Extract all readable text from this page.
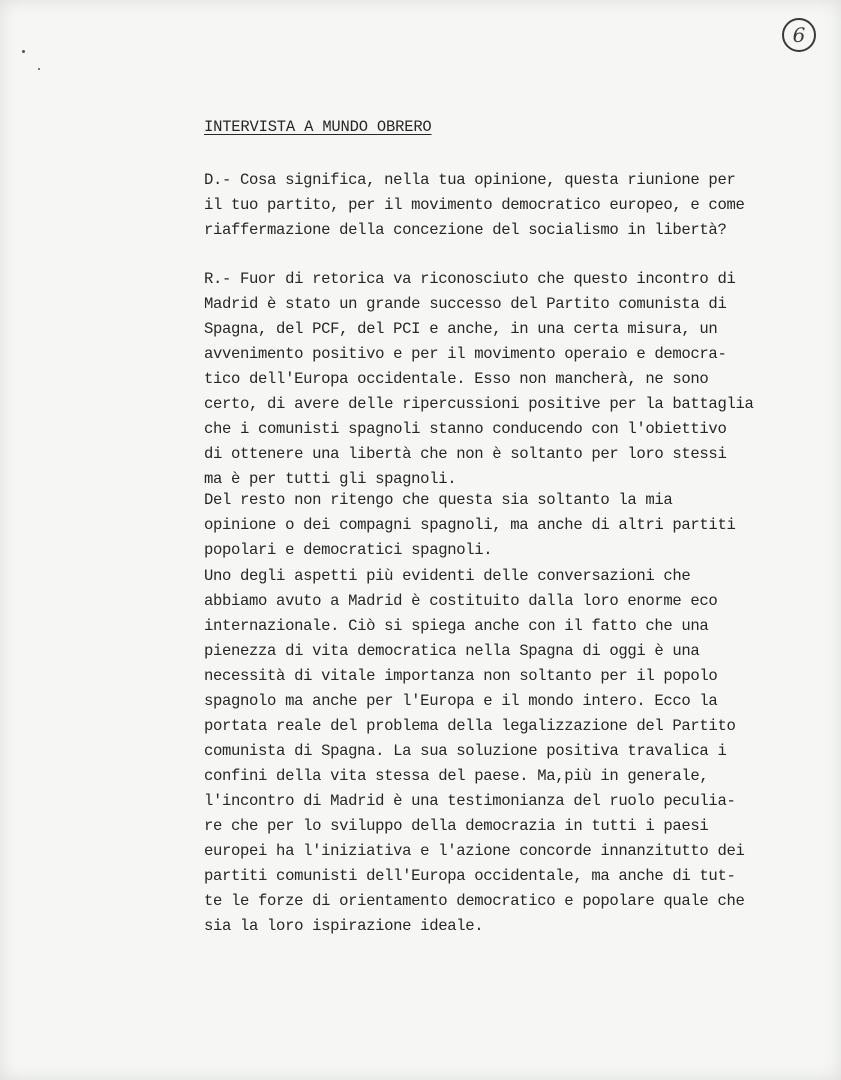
6
INTERVISTA A MUNDO OBRERO

D.- Cosa significa, nella tua opinione, questa riunione per
il tuo partito, per il movimento democratico europeo, e come
riaffermazione della concezione del socialismo in libertà?

R.- Fuor di retorica va riconosciuto che questo incontro di
Madrid è stato un grande successo del Partito comunista di
Spagna, del PCF, del PCI e anche, in una certa misura, un
avvenimento positivo e per il movimento operaio e democra-
tico dell'Europa occidentale. Esso non mancherà, ne sono
certo, di avere delle ripercussioni positive per la battaglia
che i comunisti spagnoli stanno conducendo con l'obiettivo
di ottenere una libertà che non è soltanto per loro stessi
ma è per tutti gli spagnoli.

Del resto non ritengo che questa sia soltanto la mia
opinione o dei compagni spagnoli, ma anche di altri partiti
popolari e democratici spagnoli.

Uno degli aspetti più evidenti delle conversazioni che
abbiamo avuto a Madrid è costituito dalla loro enorme eco
internazionale. Ciò si spiega anche con il fatto che una
pienezza di vita democratica nella Spagna di oggi è una
necessità di vitale importanza non soltanto per il popolo
spagnolo ma anche per l'Europa e il mondo intero. Ecco la
portata reale del problema della legalizzazione del Partito
comunista di Spagna. La sua soluzione positiva travalica i
confini della vita stessa del paese. Ma,più in generale,
l'incontro di Madrid è una testimonianza del ruolo peculia-
re che per lo sviluppo della democrazia in tutti i paesi
europei ha l'iniziativa e l'azione concorde innanzitutto dei
partiti comunisti dell'Europa occidentale, ma anche di tut-
te le forze di orientamento democratico e popolare quale che
sia la loro ispirazione ideale.
